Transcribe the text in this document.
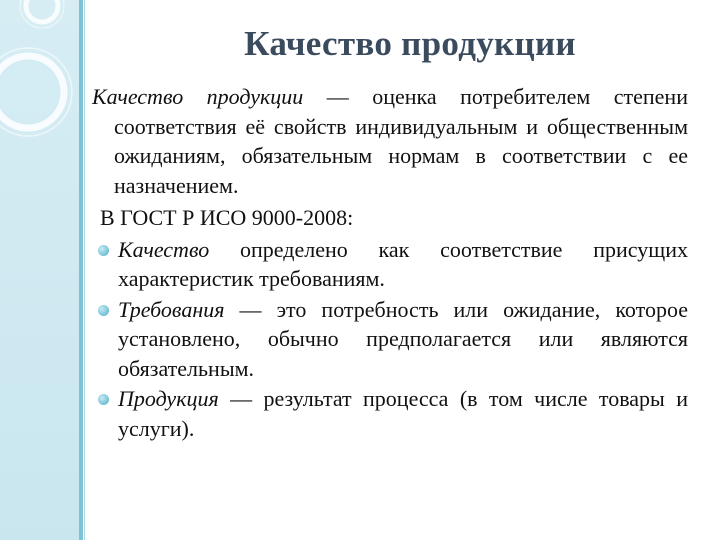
Качество продукции

Качество продукции — оценка потребителем степени соответствия её свойств индивидуальным и общественным ожиданиям, обязательным нормам в соответствии с ее назначением.

В ГОСТ Р ИСО 9000-2008:
Качество определено как соответствие присущих характеристик требованиям.
Требования — это потребность или ожидание, которое установлено, обычно предполагается или являются обязательным.
Продукция — результат процесса (в том числе товары и услуги).
